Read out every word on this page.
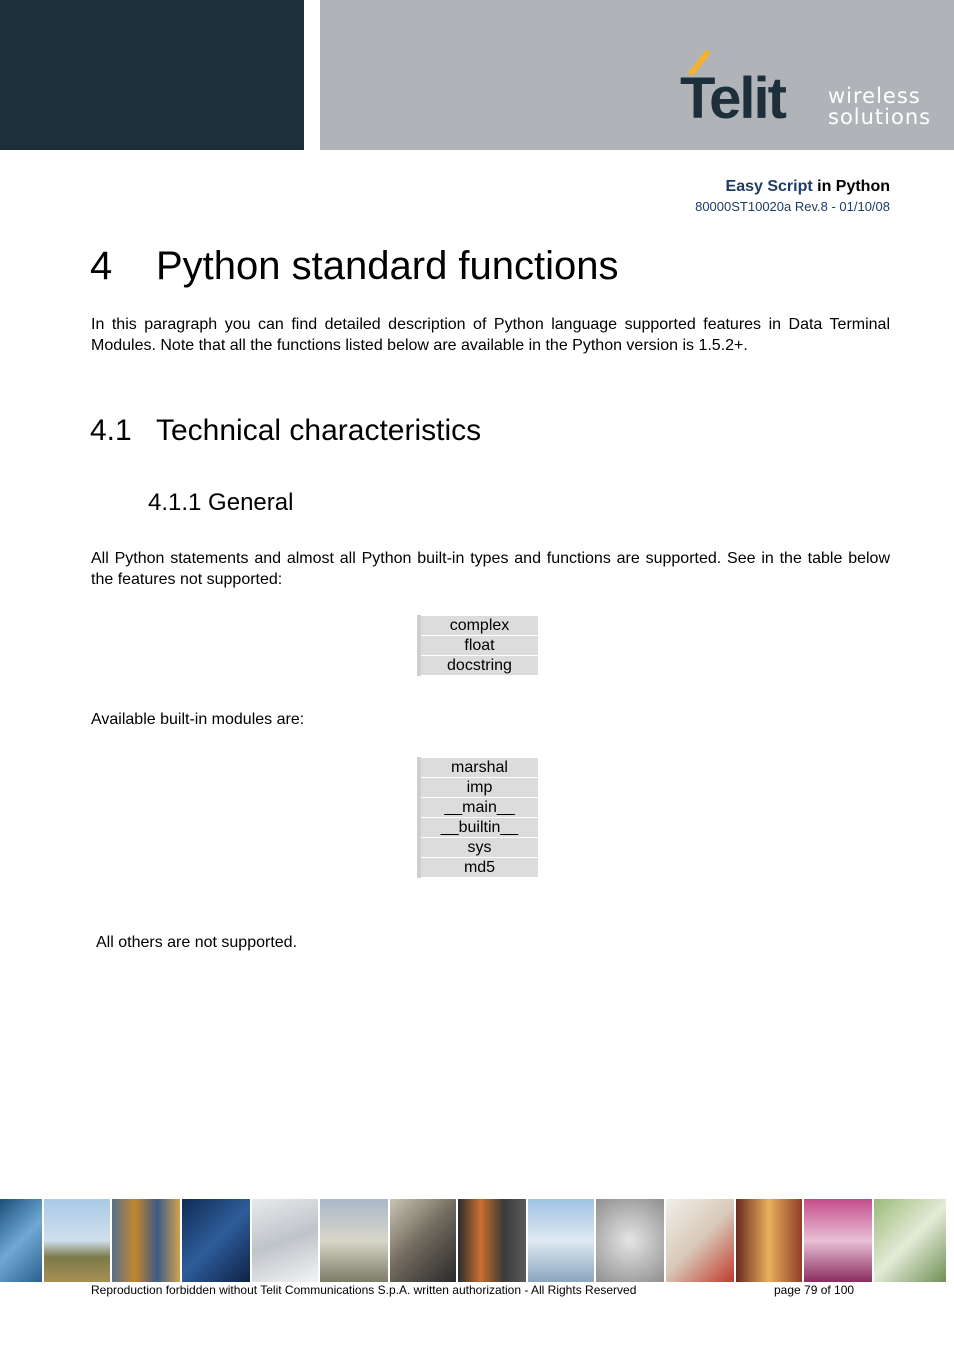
Telit wireless
solutions
Easy Script in Python
80000ST10020a Rev.8 - 01/10/08
4 Python standard functions
In this paragraph you can find detailed description of Python language supported features in Data Terminal Modules. Note that all the functions listed below are available in the Python version is 1.5.2+.
4.1 Technical characteristics
4.1.1 General
All Python statements and almost all Python built-in types and functions are supported. See in the table below the features not supported:
complex
float
docstring
Available built-in modules are:
marshal
imp
__main__
__builtin__
sys
md5
All others are not supported.
Reproduction forbidden without Telit Communications S.p.A. written authorization - All Rights Reserved	page 79 of 100
